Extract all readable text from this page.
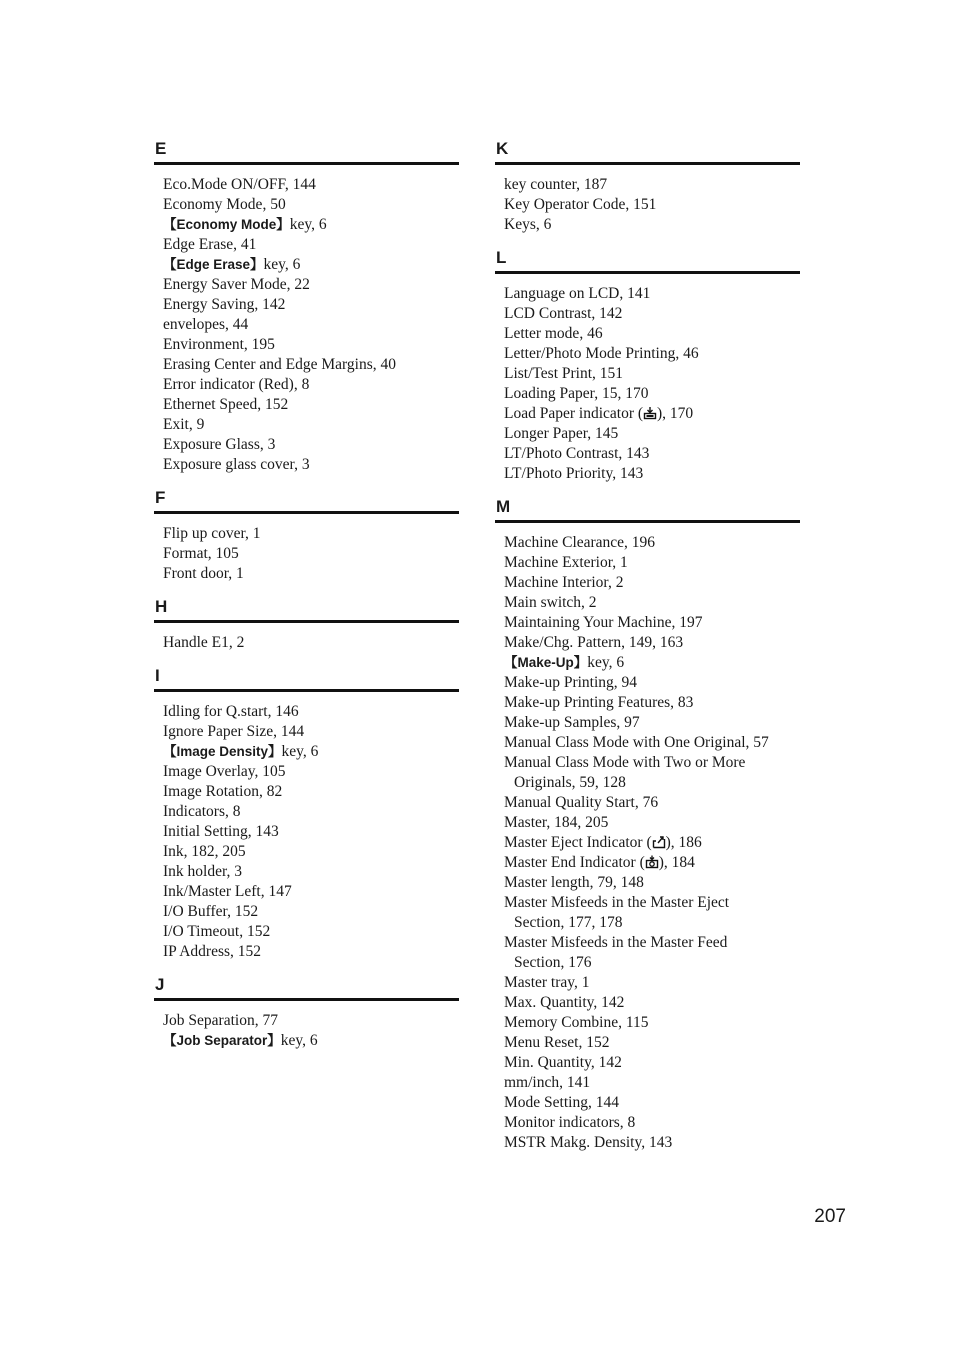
E
Eco.Mode ON/OFF, 144
Economy Mode, 50
【Economy Mode】key, 6
Edge Erase, 41
【Edge Erase】key, 6
Energy Saver Mode, 22
Energy Saving, 142
envelopes, 44
Environment, 195
Erasing Center and Edge Margins, 40
Error indicator (Red), 8
Ethernet Speed, 152
Exit, 9
Exposure Glass, 3
Exposure glass cover, 3
F
Flip up cover, 1
Format, 105
Front door, 1
H
Handle E1, 2
I
Idling for Q.start, 146
Ignore Paper Size, 144
【Image Density】key, 6
Image Overlay, 105
Image Rotation, 82
Indicators, 8
Initial Setting, 143
Ink, 182, 205
Ink holder, 3
Ink/Master Left, 147
I/O Buffer, 152
I/O Timeout, 152
IP Address, 152
J
Job Separation, 77
【Job Separator】key, 6
K
key counter, 187
Key Operator Code, 151
Keys, 6
L
Language on LCD, 141
LCD Contrast, 142
Letter mode, 46
Letter/Photo Mode Printing, 46
List/Test Print, 151
Loading Paper, 15, 170
Load Paper indicator ( ), 170
Longer Paper, 145
LT/Photo Contrast, 143
LT/Photo Priority, 143
M
Machine Clearance, 196
Machine Exterior, 1
Machine Interior, 2
Main switch, 2
Maintaining Your Machine, 197
Make/Chg. Pattern, 149, 163
【Make-Up】key, 6
Make-up Printing, 94
Make-up Printing Features, 83
Make-up Samples, 97
Manual Class Mode with One Original, 57
Manual Class Mode with Two or More
Originals, 59, 128
Manual Quality Start, 76
Master, 184, 205
Master Eject Indicator ( ), 186
Master End Indicator ( ), 184
Master length, 79, 148
Master Misfeeds in the Master Eject
Section, 177, 178
Master Misfeeds in the Master Feed
Section, 176
Master tray, 1
Max. Quantity, 142
Memory Combine, 115
Menu Reset, 152
Min. Quantity, 142
mm/inch, 141
Mode Setting, 144
Monitor indicators, 8
MSTR Makg. Density, 143
207
